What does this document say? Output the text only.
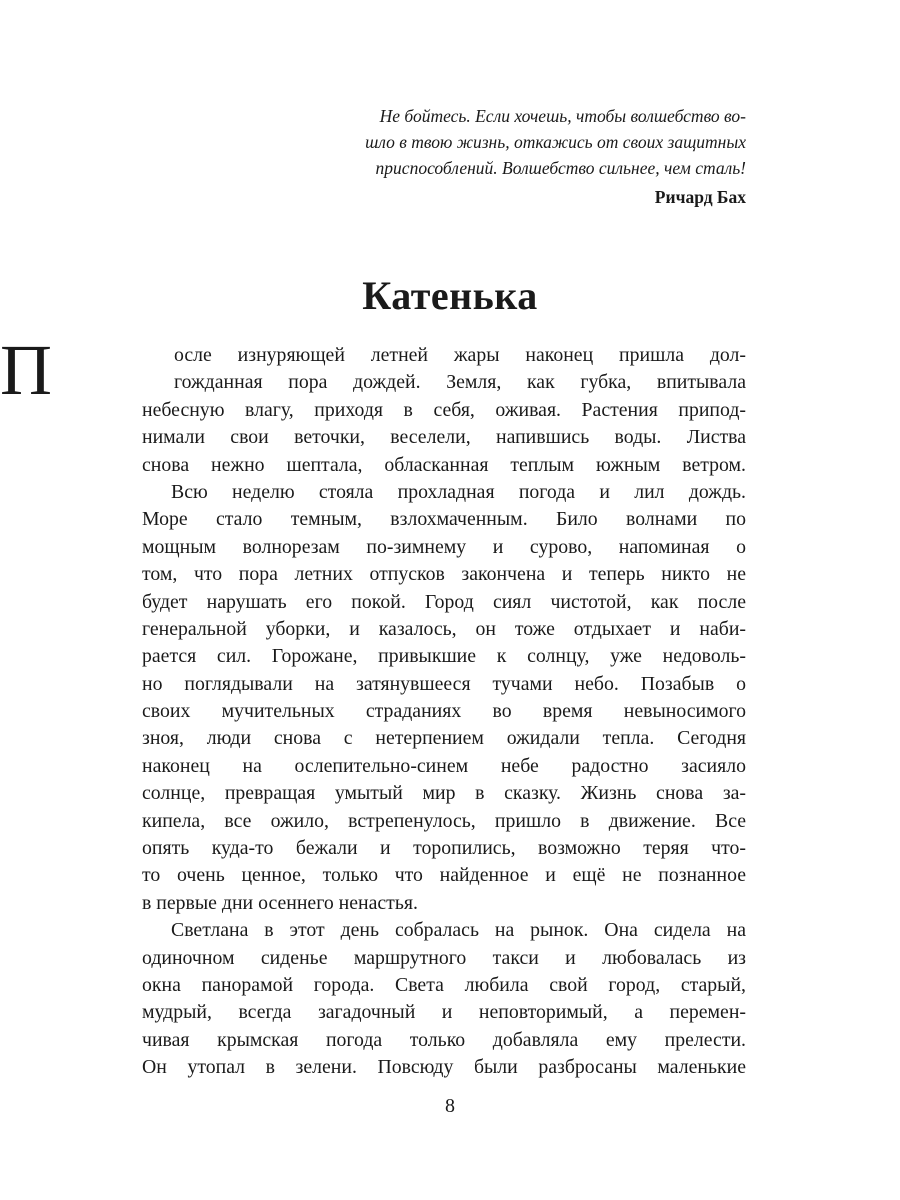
Не бойтесь. Если хочешь, чтобы волшебство во-
шло в твою жизнь, откажись от своих защитных
приспособлений. Волшебство сильнее, чем сталь!

Ричард Бах

Катенька
П	осле изнуряющей летней жары наконец пришла дол-
гожданная пора дождей. Земля, как губка, впитывала
небесную влагу, приходя в себя, оживая. Растения припод-
нимали свои веточки, веселели, напившись воды. Листва
снова нежно шептала, обласканная теплым южным ветром.
Всю неделю стояла прохладная погода и лил дождь.
Море стало темным, взлохмаченным. Било волнами по
мощным волнорезам по-зимнему и сурово, напоминая о
том, что пора летних отпусков закончена и теперь никто не
будет нарушать его покой. Город сиял чистотой, как после
генеральной уборки, и казалось, он тоже отдыхает и наби-
рается сил. Горожане, привыкшие к солнцу, уже недоволь-
но поглядывали на затянувшееся тучами небо. Позабыв о
своих мучительных страданиях во время невыносимого
зноя, люди снова с нетерпением ожидали тепла. Сегодня
наконец на ослепительно-синем небе радостно засияло
солнце, превращая умытый мир в сказку. Жизнь снова за-
кипела, все ожило, встрепенулось, пришло в движение. Все
опять куда-то бежали и торопились, возможно теряя что-
то очень ценное, только что найденное и ещё не познанное
в первые дни осеннего ненастья.
Светлана в этот день собралась на рынок. Она сидела на
одиночном сиденье маршрутного такси и любовалась из
окна панорамой города. Света любила свой город, старый,
мудрый, всегда загадочный и неповторимый, а перемен-
чивая крымская погода только добавляла ему прелести.
Он утопал в зелени. Повсюду были разбросаны маленькие

8
